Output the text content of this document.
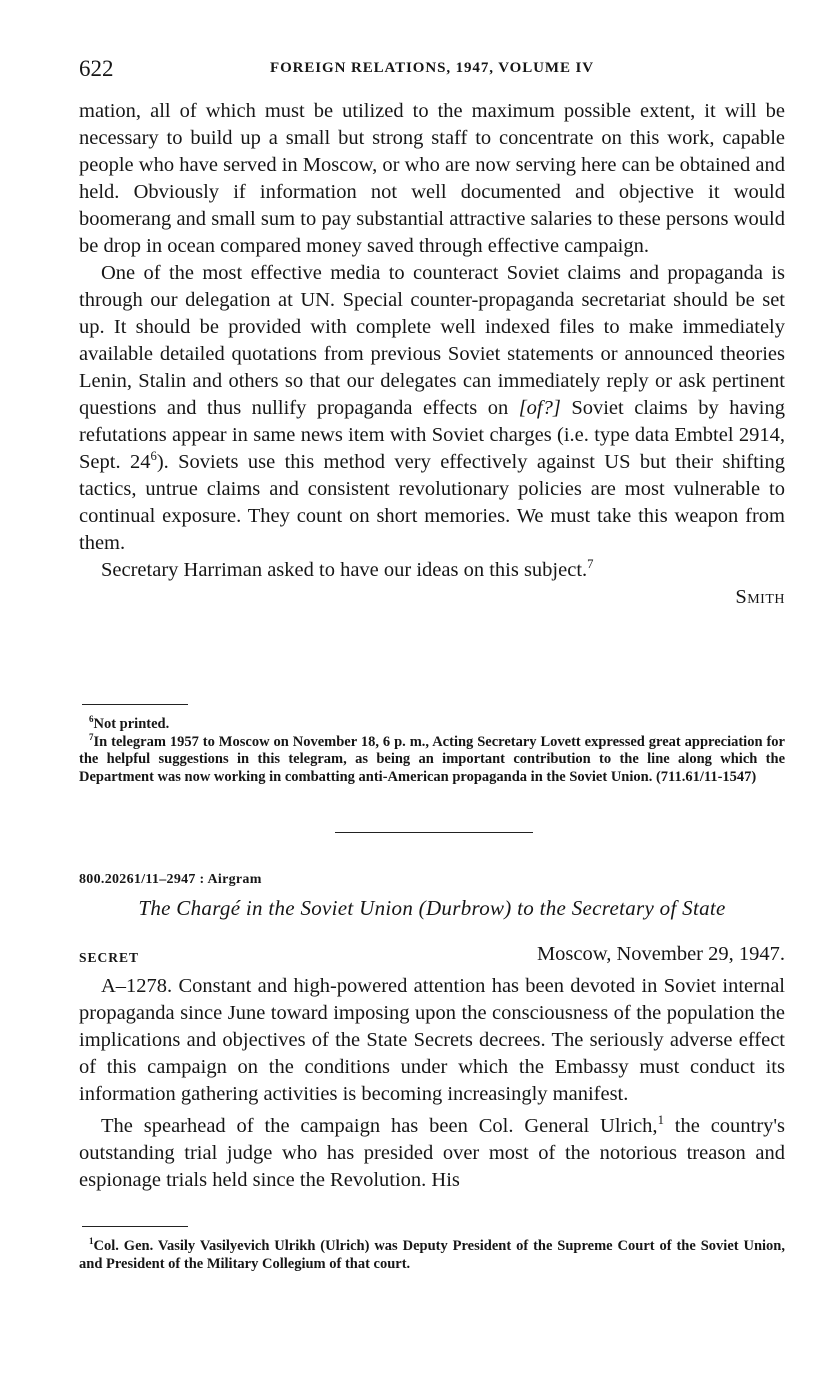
622	FOREIGN RELATIONS, 1947, VOLUME IV

mation, all of which must be utilized to the maximum possible extent, it will be necessary to build up a small but strong staff to concentrate on this work, capable people who have served in Moscow, or who are now serving here can be obtained and held. Obviously if information not well documented and objective it would boomerang and small sum to pay substantial attractive salaries to these persons would be drop in ocean compared money saved through effective campaign.

One of the most effective media to counteract Soviet claims and propaganda is through our delegation at UN. Special counter-propaganda secretariat should be set up. It should be provided with complete well indexed files to make immediately available detailed quotations from previous Soviet statements or announced theories Lenin, Stalin and others so that our delegates can immediately reply or ask pertinent questions and thus nullify propaganda effects on [of?] Soviet claims by having refutations appear in same news item with Soviet charges (i.e. type data Embtel 2914, Sept. $24^6$). Soviets use this method very effectively against US but their shifting tactics, untrue claims and consistent revolutionary policies are most vulnerable to continual exposure. They count on short memories. We must take this weapon from them.

Secretary Harriman asked to have our ideas on this subject.$^7$

Smith

$^6$Not printed.

$^7$In telegram 1957 to Moscow on November 18, 6 p. m., Acting Secretary Lovett expressed great appreciation for the helpful suggestions in this telegram, as being an important contribution to the line along which the Department was now working in combatting anti-American propaganda in the Soviet Union. (711.61/11-1547)

800.20261/11–2947 : Airgram
The Chargé in the Soviet Union (Durbrow) to the Secretary of State
SECRET	Moscow, November 29, 1947.

A–1278. Constant and high-powered attention has been devoted in Soviet internal propaganda since June toward imposing upon the consciousness of the population the implications and objectives of the State Secrets decrees. The seriously adverse effect of this campaign on the conditions under which the Embassy must conduct its information gathering activities is becoming increasingly manifest.

The spearhead of the campaign has been Col. General Ulrich,$^1$ the country's outstanding trial judge who has presided over most of the notorious treason and espionage trials held since the Revolution. His

$^1$Col. Gen. Vasily Vasilyevich Ulrikh (Ulrich) was Deputy President of the Supreme Court of the Soviet Union, and President of the Military Collegium of that court.
